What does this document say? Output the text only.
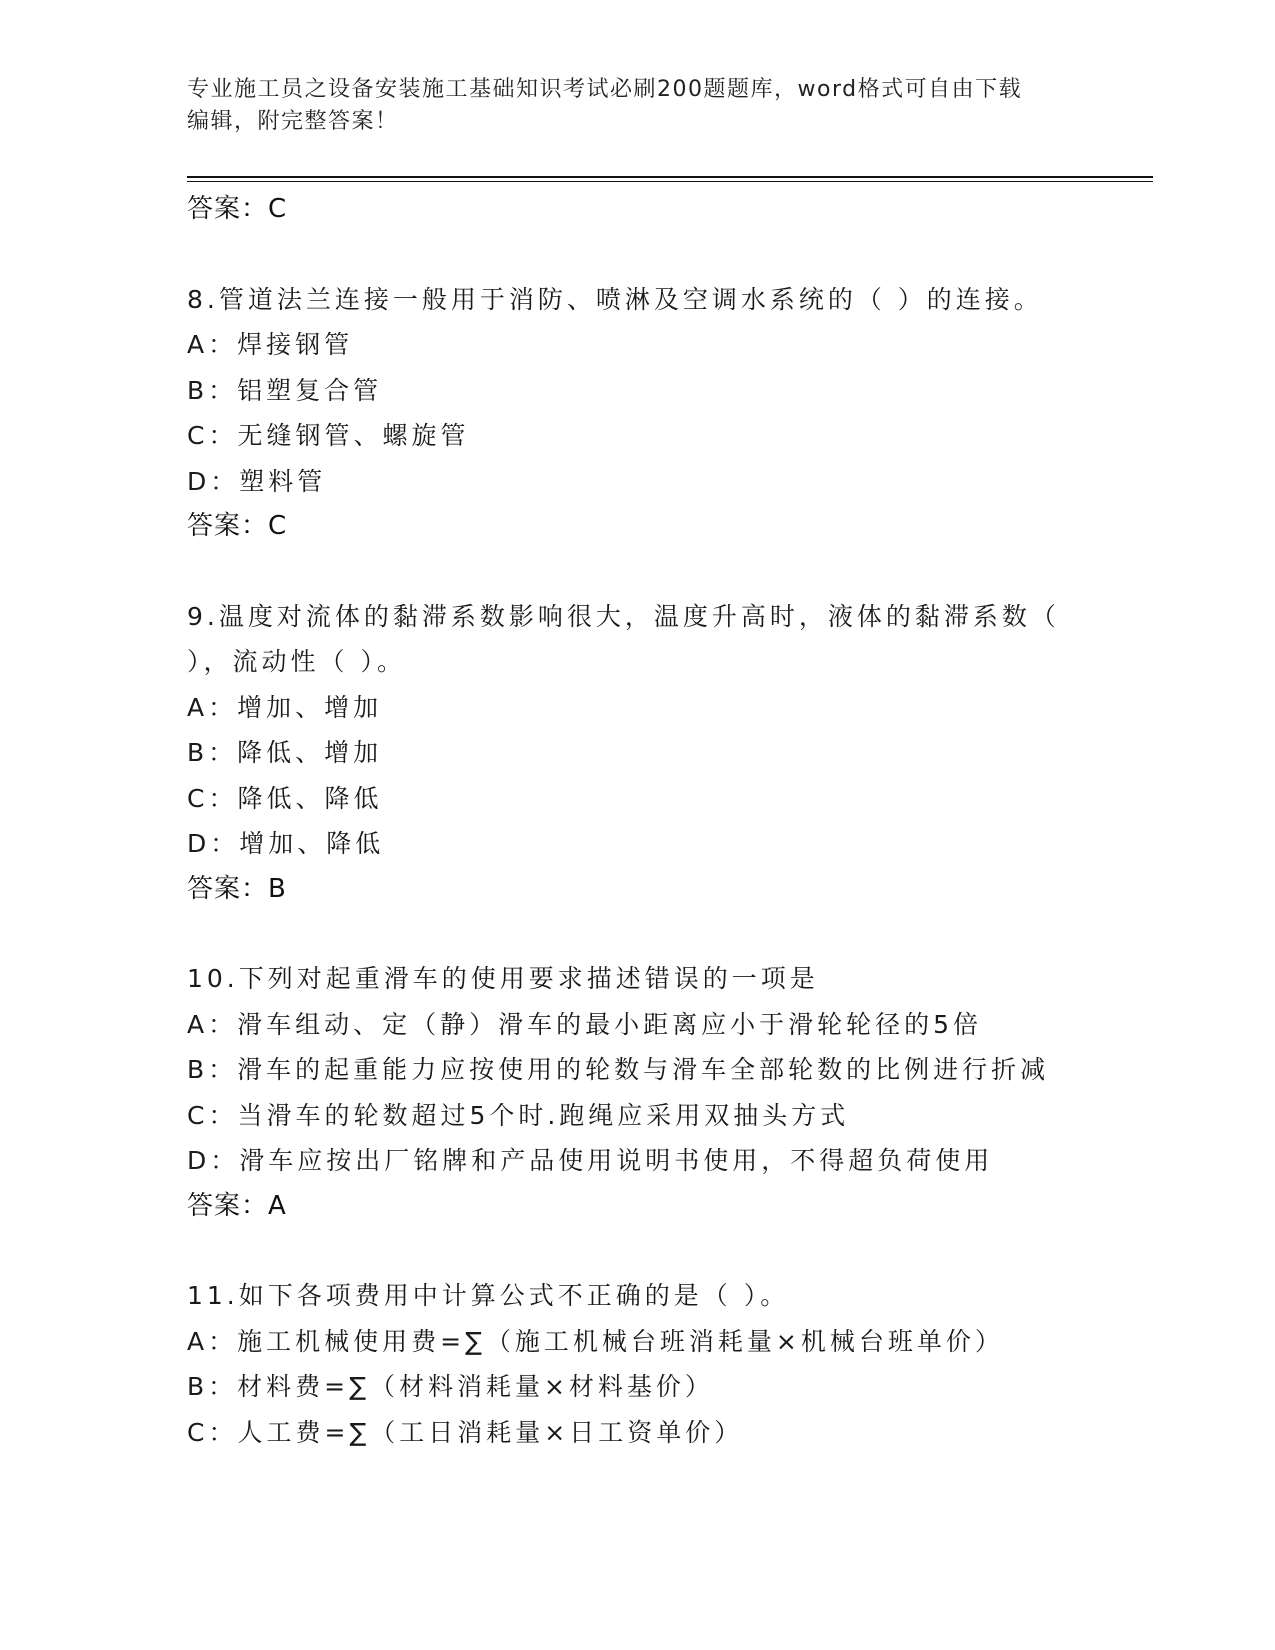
专业施工员之设备安装施工基础知识考试必刷200题题库，word格式可自由下载
编辑，附完整答案！
答案：C
8.管道法兰连接一般用于消防、喷淋及空调水系统的（ ）的连接。
A：焊接钢管
B：铝塑复合管
C：无缝钢管、螺旋管
D：塑料管
答案：C
9.温度对流体的黏滞系数影响很大，温度升高时，液体的黏滞系数（
），流动性（ ）。
A：增加、增加
B：降低、增加
C：降低、降低
D：增加、降低
答案：B
10.下列对起重滑车的使用要求描述错误的一项是
A：滑车组动、定（静）滑车的最小距离应小于滑轮轮径的5倍
B：滑车的起重能力应按使用的轮数与滑车全部轮数的比例进行折减
C：当滑车的轮数超过5个时.跑绳应采用双抽头方式
D：滑车应按出厂铭牌和产品使用说明书使用，不得超负荷使用
答案：A
11.如下各项费用中计算公式不正确的是（ ）。
A：施工机械使用费=∑（施工机械台班消耗量×机械台班单价）
B：材料费=∑（材料消耗量×材料基价）
C：人工费=∑（工日消耗量×日工资单价）
